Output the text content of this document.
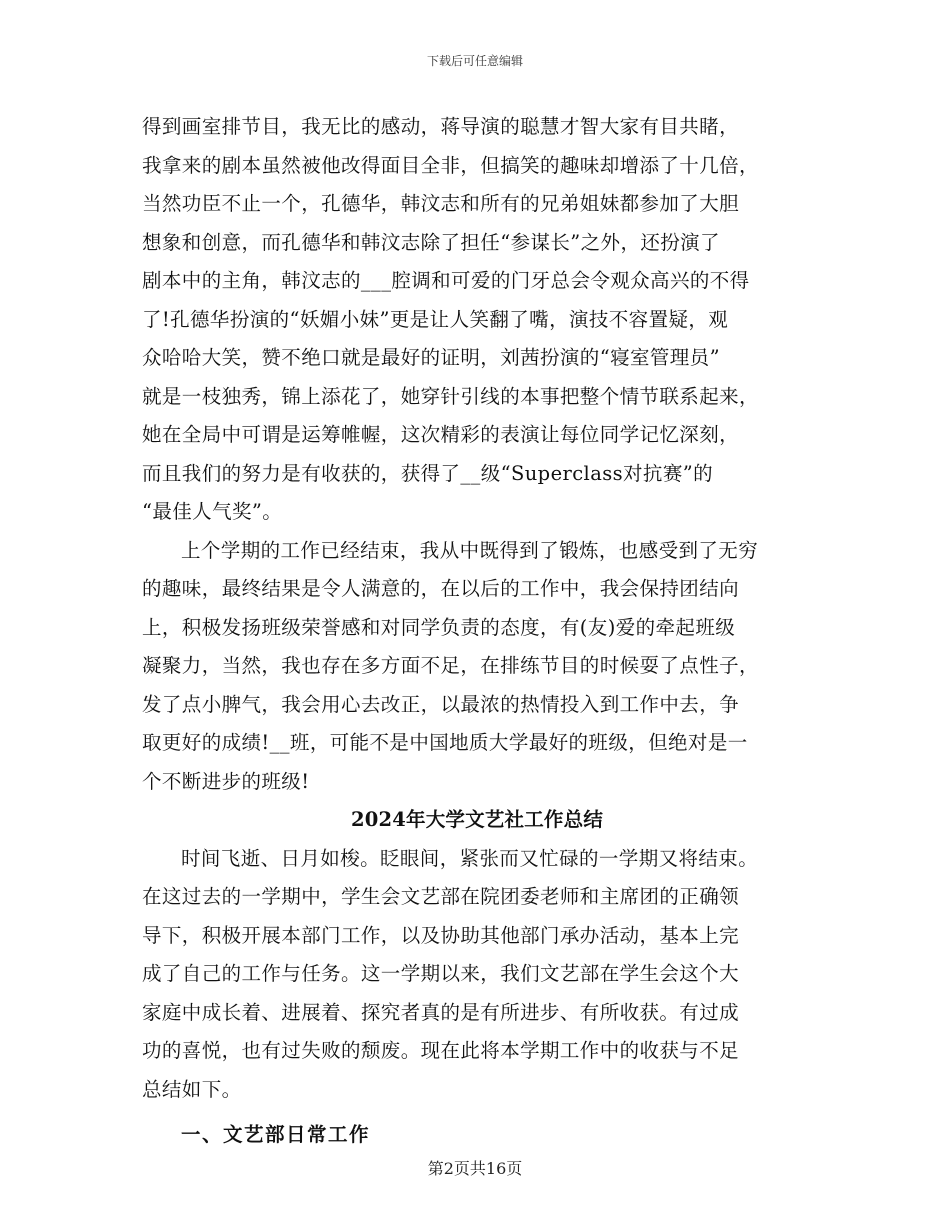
下载后可任意编辑
得到画室排节目，我无比的感动，蒋导演的聪慧才智大家有目共睹，
我拿来的剧本虽然被他改得面目全非，但搞笑的趣味却增添了十几倍，
当然功臣不止一个，孔德华，韩汶志和所有的兄弟姐妹都参加了大胆
想象和创意，而孔德华和韩汶志除了担任“参谋长”之外，还扮演了
剧本中的主角，韩汶志的___腔调和可爱的门牙总会令观众高兴的不得
了!孔德华扮演的“妖媚小妹”更是让人笑翻了嘴，演技不容置疑，观
众哈哈大笑，赞不绝口就是最好的证明，刘茜扮演的“寝室管理员”
就是一枝独秀，锦上添花了，她穿针引线的本事把整个情节联系起来，
她在全局中可谓是运筹帷幄，这次精彩的表演让每位同学记忆深刻，
而且我们的努力是有收获的，获得了__级“Superclass对抗赛”的
“最佳人气奖”。
上个学期的工作已经结束，我从中既得到了锻炼，也感受到了无穷
的趣味，最终结果是令人满意的，在以后的工作中，我会保持团结向
上，积极发扬班级荣誉感和对同学负责的态度，有(友)爱的牵起班级
凝聚力，当然，我也存在多方面不足，在排练节目的时候耍了点性子，
发了点小脾气，我会用心去改正，以最浓的热情投入到工作中去，争
取更好的成绩!__班，可能不是中国地质大学最好的班级，但绝对是一
个不断进步的班级!
2024年大学文艺社工作总结
时间飞逝、日月如梭。眨眼间，紧张而又忙碌的一学期又将结束。
在这过去的一学期中，学生会文艺部在院团委老师和主席团的正确领
导下，积极开展本部门工作，以及协助其他部门承办活动，基本上完
成了自己的工作与任务。这一学期以来，我们文艺部在学生会这个大
家庭中成长着、进展着、探究者真的是有所进步、有所收获。有过成
功的喜悦，也有过失败的颓废。现在此将本学期工作中的收获与不足
总结如下。
一、文艺部日常工作
第2页共16页
